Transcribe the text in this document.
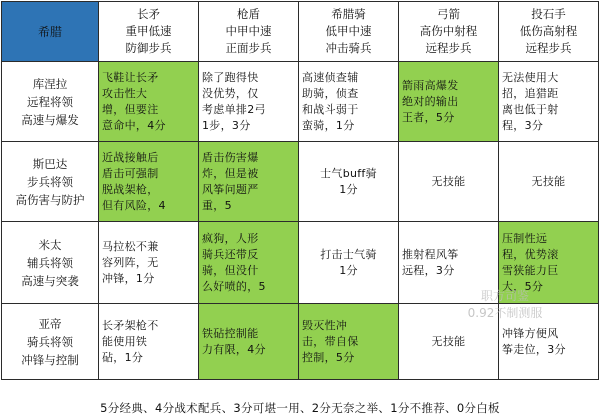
希腊	长矛
重甲低速
防御步兵	枪盾
中甲中速
正面步兵	希腊骑
低甲中速
冲击骑兵	弓箭
高伤中射程
远程步兵	投石手
低伤高射程
远程步兵

库涅拉
远程将领
高速与爆发	飞鞋让长矛
攻击性大
增，但要注
意命中，4分	除了跑得快
没优势，仅
考虑单排2弓
1步，3分	高速侦查辅
助骑，侦查
和战斗弱于
蛮骑，1分	箭雨高爆发
绝对的输出
王者，5分	无法使用大
招，追猎距
离也低于射
程，3分

斯巴达
步兵将领
高伤害与防护	近战接触后
盾击可强制
脱战架枪，
但有风险，4	盾击伤害爆
炸，但是被
风筝问题严
重，5	士气buff骑
1分	无技能	无技能

米太
辅兵将领
高速与突袭	马拉松不兼
容列阵，无
冲锋，1分	疯狗，人形
骑兵还带反
骑，但没什
么好喷的，5	打击士气骑
1分	推射程风筝
远程，3分	压制性远
程，优势滚
雪狭能力巨
大，5分

亚帝
骑兵将领
冲锋与控制	长矛架枪不
能使用铁
砧，1分	铁砧控制能
力有限，4分	毁灭性冲
击，带自保
控制，5分	无技能	冲锋方便风
筝走位，3分
5分经典、4分战术配兵、3分可堪一用、2分无奈之举、1分不推荐、0分白板
职方司鉴
0.92不制测服
